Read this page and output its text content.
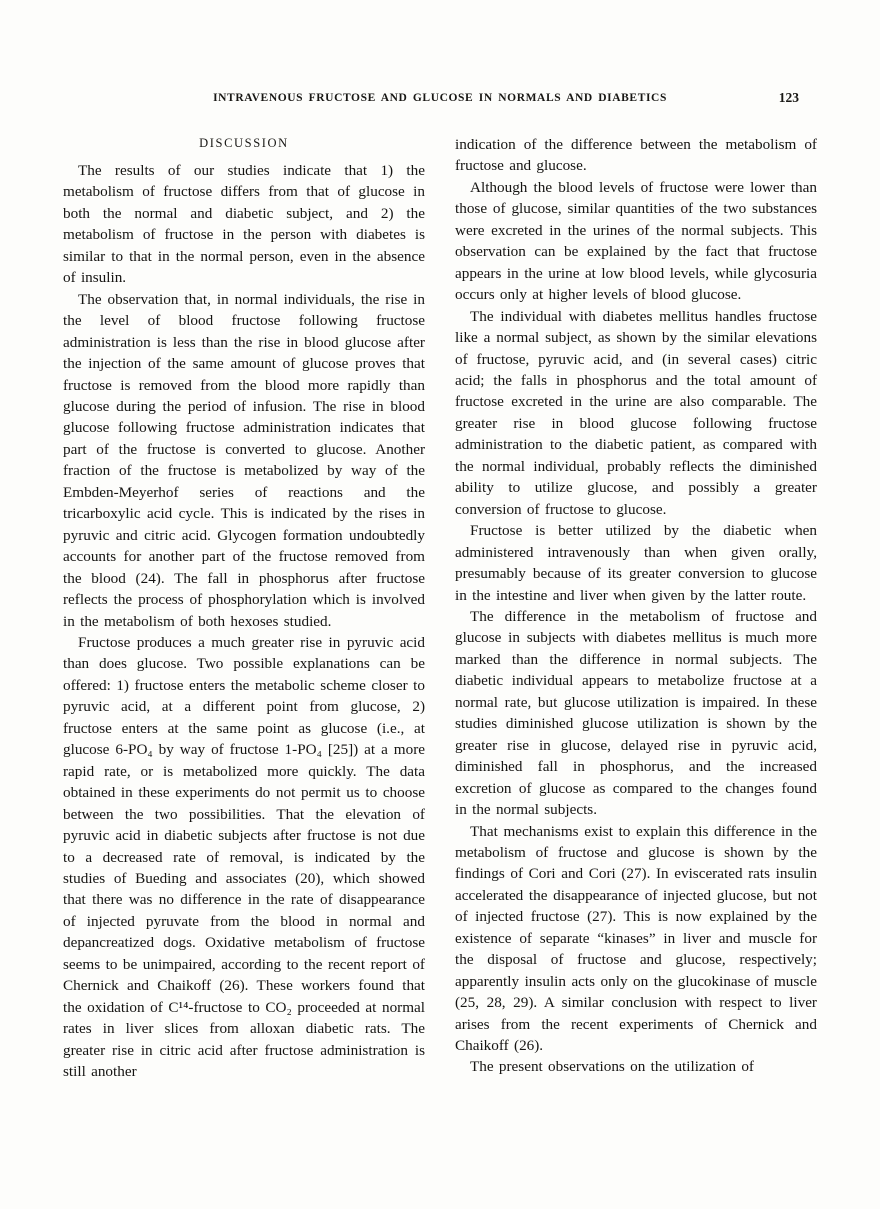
INTRAVENOUS FRUCTOSE AND GLUCOSE IN NORMALS AND DIABETICS	123
DISCUSSION

The results of our studies indicate that 1) the metabolism of fructose differs from that of glucose in both the normal and diabetic subject, and 2) the metabolism of fructose in the person with diabetes is similar to that in the normal person, even in the absence of insulin.

The observation that, in normal individuals, the rise in the level of blood fructose following fructose administration is less than the rise in blood glucose after the injection of the same amount of glucose proves that fructose is removed from the blood more rapidly than glucose during the period of infusion. The rise in blood glucose following fructose administration indicates that part of the fructose is converted to glucose. Another fraction of the fructose is metabolized by way of the Embden-Meyerhof series of reactions and the tricarboxylic acid cycle. This is indicated by the rises in pyruvic and citric acid. Glycogen formation undoubtedly accounts for another part of the fructose removed from the blood (24). The fall in phosphorus after fructose reflects the process of phosphorylation which is involved in the metabolism of both hexoses studied.

Fructose produces a much greater rise in pyruvic acid than does glucose. Two possible explanations can be offered: 1) fructose enters the metabolic scheme closer to pyruvic acid, at a different point from glucose, 2) fructose enters at the same point as glucose (i.e., at glucose 6-PO₄ by way of fructose 1-PO₄ [25]) at a more rapid rate, or is metabolized more quickly. The data obtained in these experiments do not permit us to choose between the two possibilities. That the elevation of pyruvic acid in diabetic subjects after fructose is not due to a decreased rate of removal, is indicated by the studies of Bueding and associates (20), which showed that there was no difference in the rate of disappearance of injected pyruvate from the blood in normal and depancreatized dogs. Oxidative metabolism of fructose seems to be unimpaired, according to the recent report of Chernick and Chaikoff (26). These workers found that the oxidation of C¹⁴-fructose to CO₂ proceeded at normal rates in liver slices from alloxan diabetic rats. The greater rise in citric acid after fructose administration is still another

indication of the difference between the metabolism of fructose and glucose.

Although the blood levels of fructose were lower than those of glucose, similar quantities of the two substances were excreted in the urines of the normal subjects. This observation can be explained by the fact that fructose appears in the urine at low blood levels, while glycosuria occurs only at higher levels of blood glucose.

The individual with diabetes mellitus handles fructose like a normal subject, as shown by the similar elevations of fructose, pyruvic acid, and (in several cases) citric acid; the falls in phosphorus and the total amount of fructose excreted in the urine are also comparable. The greater rise in blood glucose following fructose administration to the diabetic patient, as compared with the normal individual, probably reflects the diminished ability to utilize glucose, and possibly a greater conversion of fructose to glucose.

Fructose is better utilized by the diabetic when administered intravenously than when given orally, presumably because of its greater conversion to glucose in the intestine and liver when given by the latter route.

The difference in the metabolism of fructose and glucose in subjects with diabetes mellitus is much more marked than the difference in normal subjects. The diabetic individual appears to metabolize fructose at a normal rate, but glucose utilization is impaired. In these studies diminished glucose utilization is shown by the greater rise in glucose, delayed rise in pyruvic acid, diminished fall in phosphorus, and the increased excretion of glucose as compared to the changes found in the normal subjects.

That mechanisms exist to explain this difference in the metabolism of fructose and glucose is shown by the findings of Cori and Cori (27). In eviscerated rats insulin accelerated the disappearance of injected glucose, but not of injected fructose (27). This is now explained by the existence of separate “kinases” in liver and muscle for the disposal of fructose and glucose, respectively; apparently insulin acts only on the glucokinase of muscle (25, 28, 29). A similar conclusion with respect to liver arises from the recent experiments of Chernick and Chaikoff (26).

The present observations on the utilization of
